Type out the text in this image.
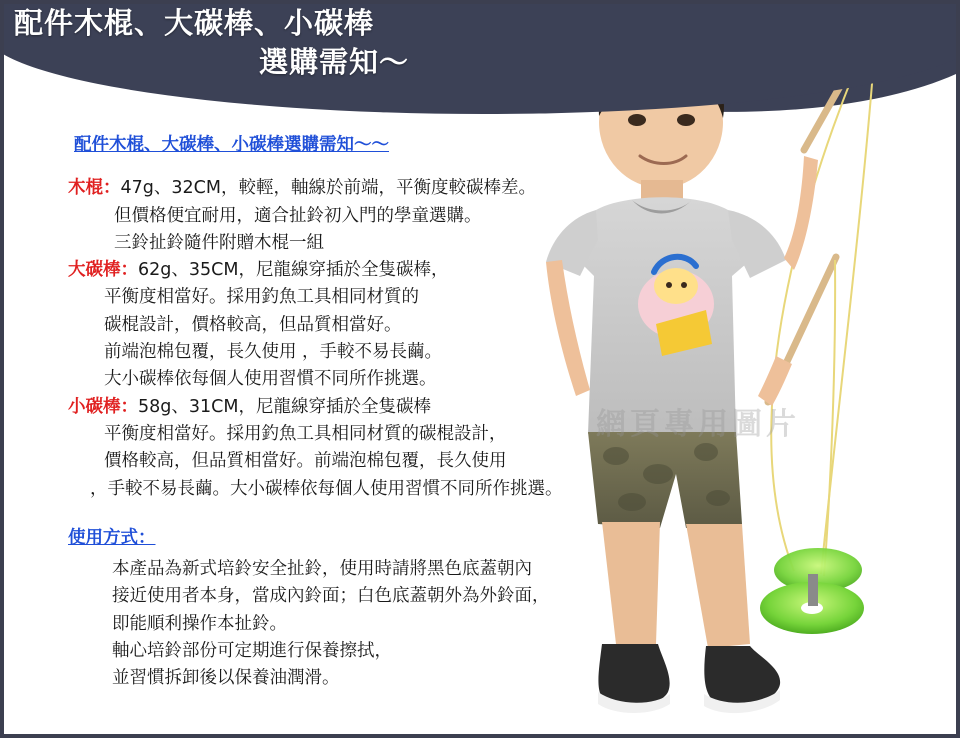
網頁專用圖片
配件木棍、大碳棒、小碳棒
選購需知～
配件木棍、大碳棒、小碳棒選購需知～～
木棍：47g、32CM，較輕，軸線於前端，平衡度較碳棒差。
但價格便宜耐用，適合扯鈴初入門的學童選購。
三鈴扯鈴隨件附贈木棍一組
大碳棒：62g、35CM，尼龍線穿插於全隻碳棒，
平衡度相當好。採用釣魚工具相同材質的
碳棍設計，價格較高，但品質相當好。
前端泡棉包覆，長久使用 ，手較不易長繭。
大小碳棒依每個人使用習慣不同所作挑選。
小碳棒：58g、31CM，尼龍線穿插於全隻碳棒
平衡度相當好。採用釣魚工具相同材質的碳棍設計，
價格較高，但品質相當好。前端泡棉包覆，長久使用
，手較不易長繭。大小碳棒依每個人使用習慣不同所作挑選。
使用方式：
本產品為新式培鈴安全扯鈴，使用時請將黑色底蓋朝內
接近使用者本身，當成內鈴面；白色底蓋朝外為外鈴面，
即能順利操作本扯鈴。
軸心培鈴部份可定期進行保養擦拭，
並習慣拆卸後以保養油潤滑。
